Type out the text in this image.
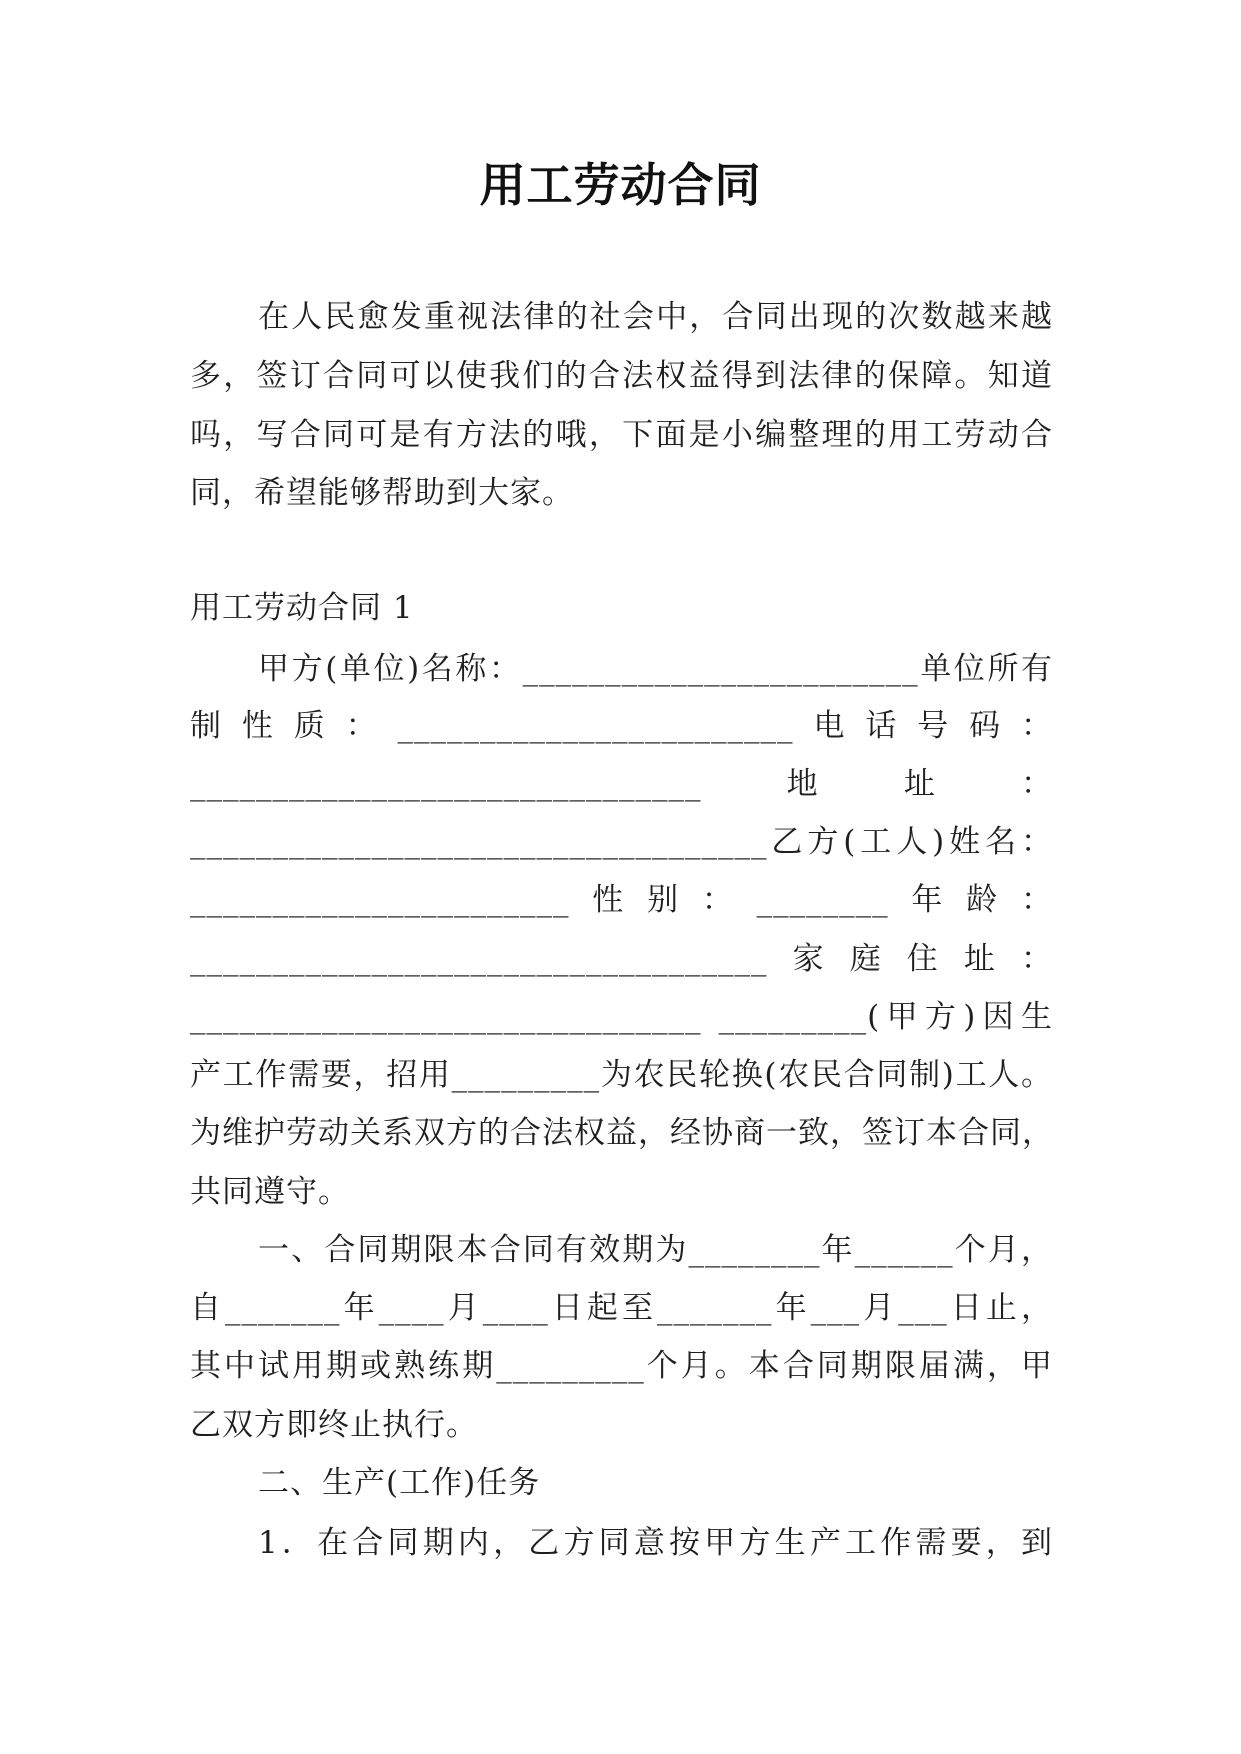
用工劳动合同
在人民愈发重视法律的社会中，合同出现的次数越来越
多，签订合同可以使我们的合法权益得到法律的保障。知道
吗，写合同可是有方法的哦，下面是小编整理的用工劳动合
同，希望能够帮助到大家。
用工劳动合同 1
甲方(单位)名称：________________________单位所有
制性质：________________________电话号码：
_______________________________地址：
___________________________________乙方(工人)姓名：
_______________________性别：________年龄：
___________________________________家庭住址：
_______________________________ _________(甲方)因生
产工作需要，招用_________为农民轮换(农民合同制)工人。
为维护劳动关系双方的合法权益，经协商一致，签订本合同，
共同遵守。
一、合同期限本合同有效期为________年______个月，
自_______年____月____日起至_______年___月___日止，
其中试用期或熟练期_________个月。本合同期限届满，甲
乙双方即终止执行。
二、生产(工作)任务
1．在合同期内，乙方同意按甲方生产工作需要，到
